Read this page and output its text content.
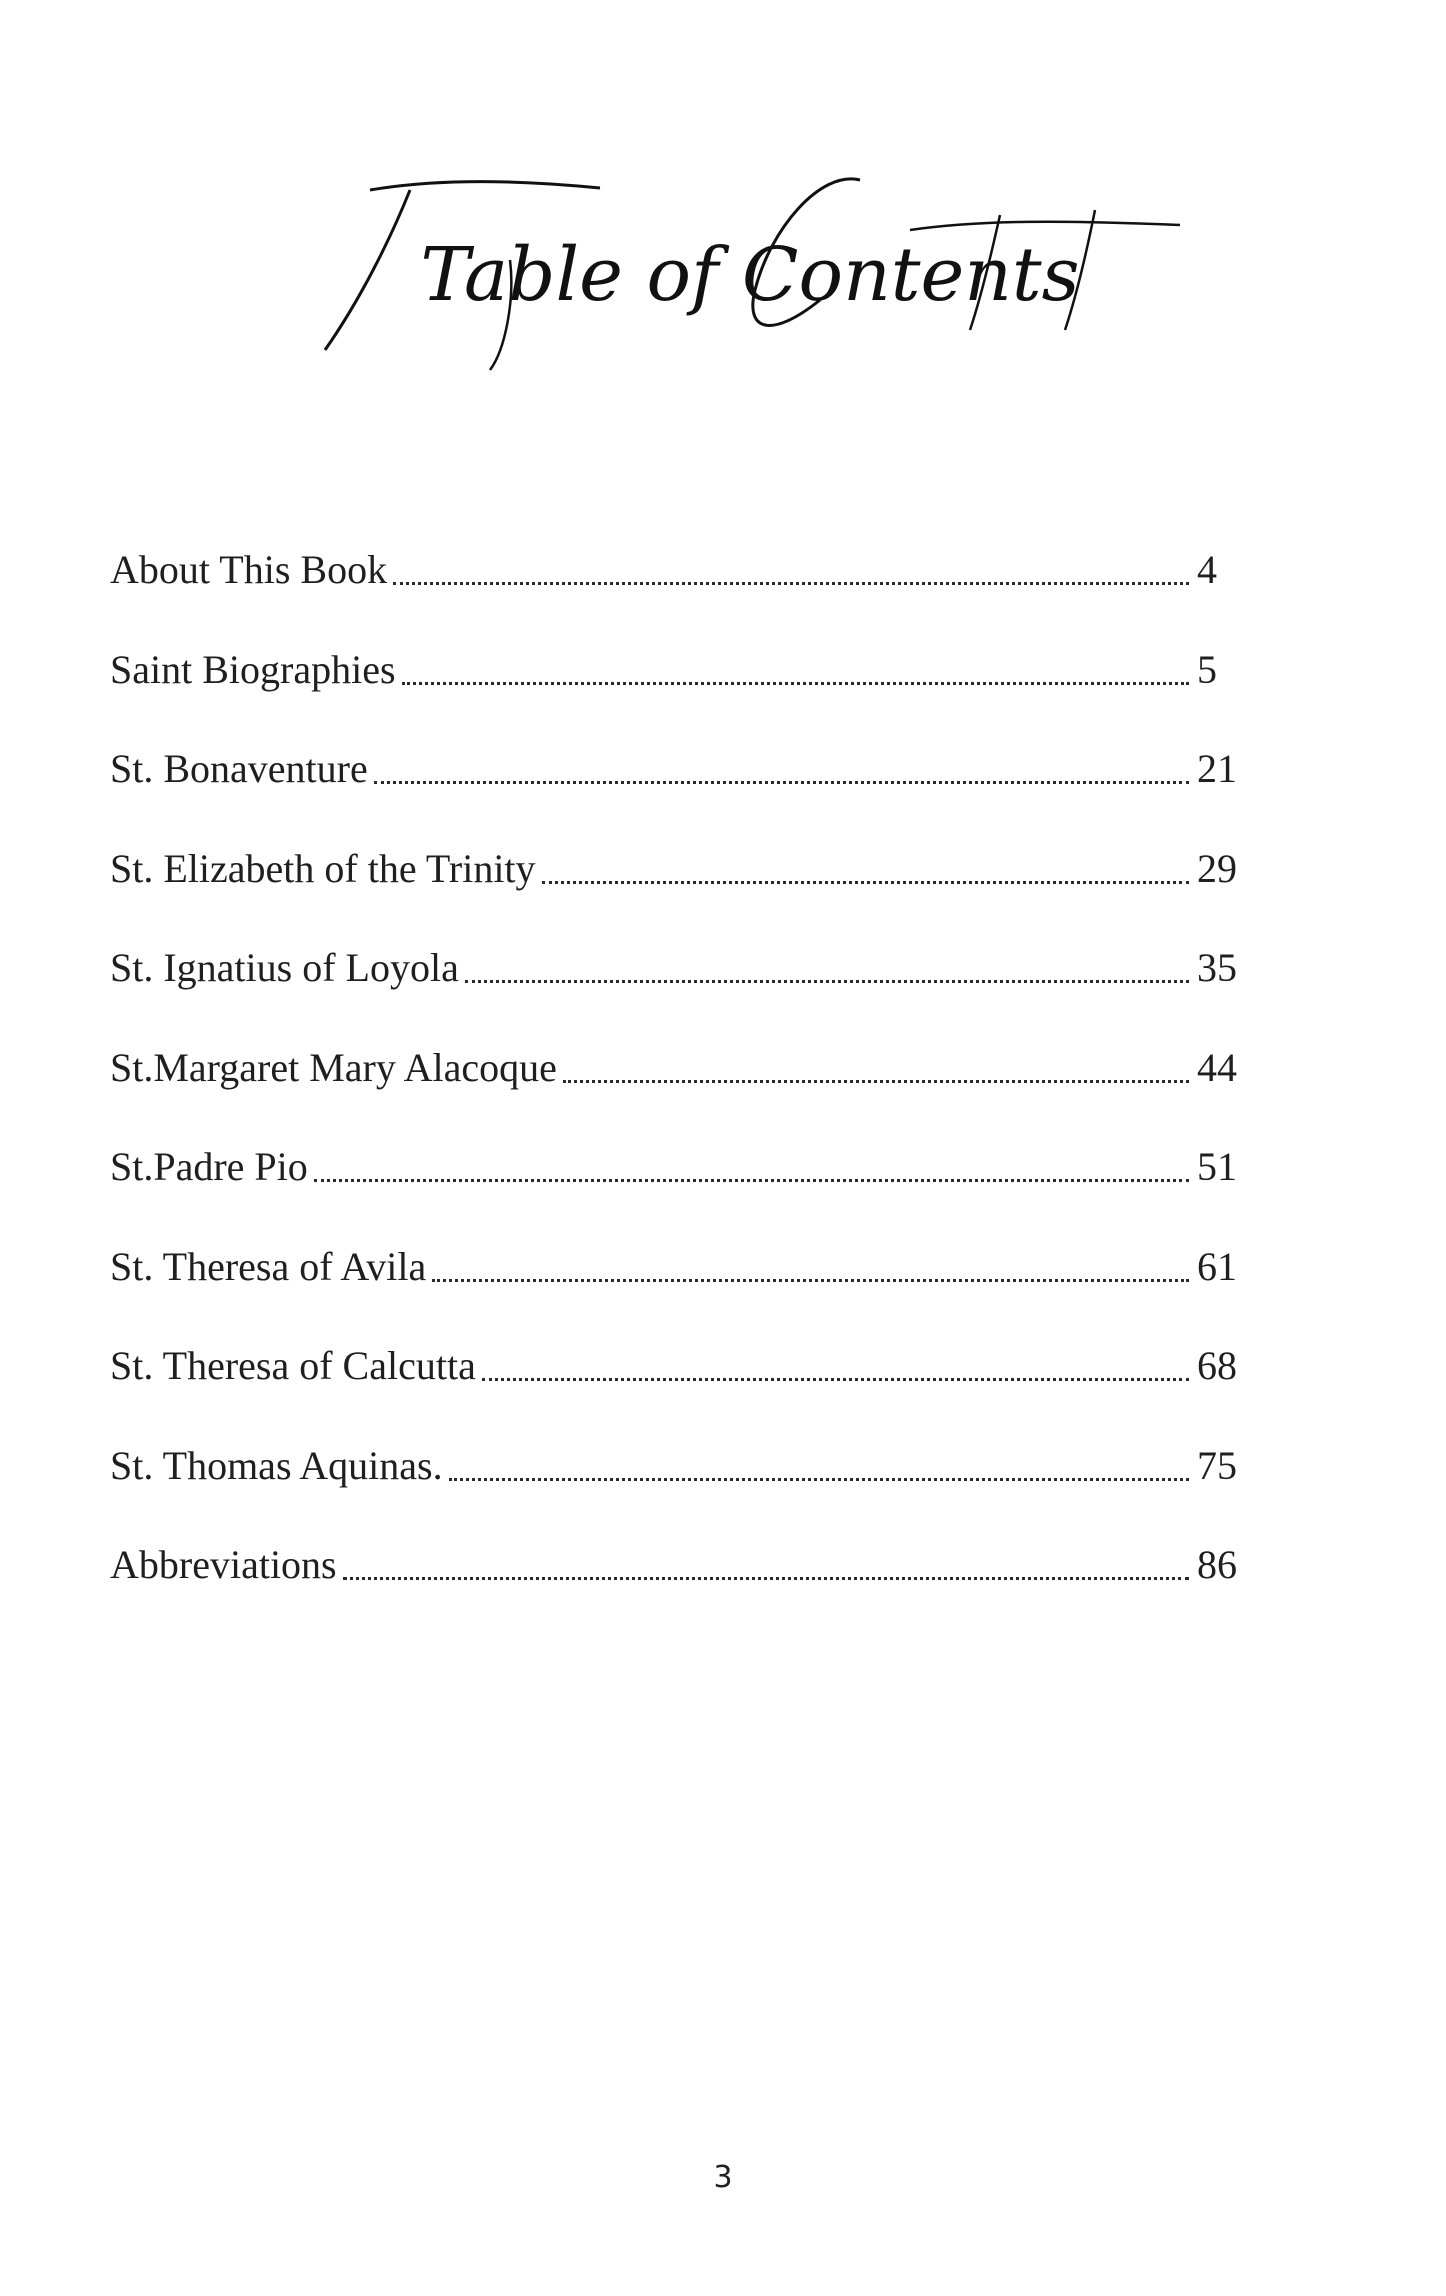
Table of Contents
About This Book	4
Saint Biographies	5
St. Bonaventure	21
St. Elizabeth of the Trinity	29
St. Ignatius of Loyola	35
St.Margaret Mary Alacoque	44
St.Padre Pio	51
St. Theresa of Avila	61
St. Theresa of Calcutta	68
St. Thomas Aquinas.	75
Abbreviations	86
3
